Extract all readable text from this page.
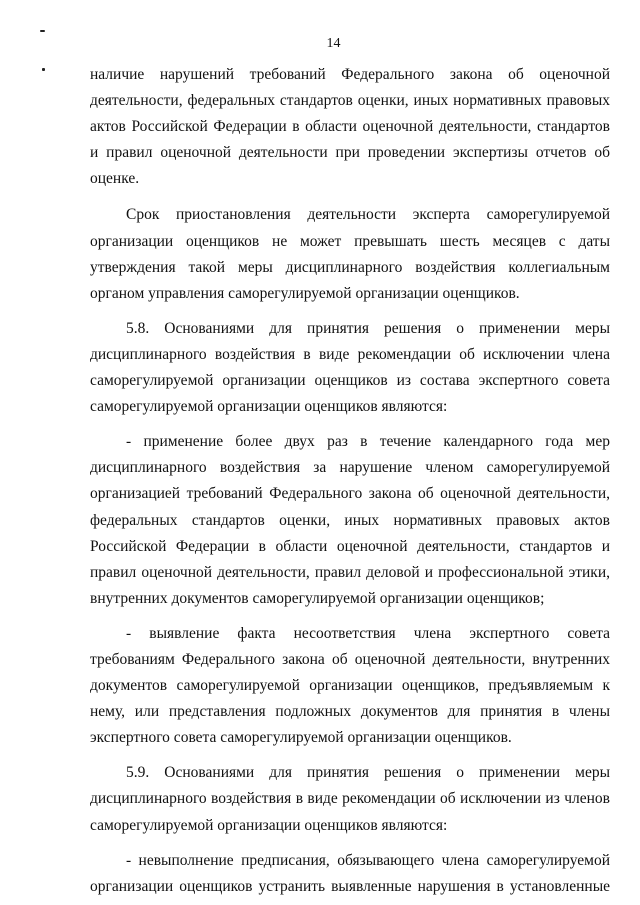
14

наличие нарушений требований Федерального закона об оценочной деятельности, федеральных стандартов оценки, иных нормативных правовых актов Российской Федерации в области оценочной деятельности, стандартов и правил оценочной деятельности при проведении экспертизы отчетов об оценке.

Срок приостановления деятельности эксперта саморегулируемой организации оценщиков не может превышать шесть месяцев с даты утверждения такой меры дисциплинарного воздействия коллегиальным органом управления саморегулируемой организации оценщиков.

5.8. Основаниями для принятия решения о применении меры дисциплинарного воздействия в виде рекомендации об исключении члена саморегулируемой организации оценщиков из состава экспертного совета саморегулируемой организации оценщиков являются:

- применение более двух раз в течение календарного года мер дисциплинарного воздействия за нарушение членом саморегулируемой организацией требований Федерального закона об оценочной деятельности, федеральных стандартов оценки, иных нормативных правовых актов Российской Федерации в области оценочной деятельности, стандартов и правил оценочной деятельности, правил деловой и профессиональной этики, внутренних документов саморегулируемой организации оценщиков;

- выявление факта несоответствия члена экспертного совета требованиям Федерального закона об оценочной деятельности, внутренних документов саморегулируемой организации оценщиков, предъявляемым к нему, или представления подложных документов для принятия в члены экспертного совета саморегулируемой организации оценщиков.

5.9. Основаниями для принятия решения о применении меры дисциплинарного воздействия в виде рекомендации об исключении из членов саморегулируемой организации оценщиков являются:

- невыполнение предписания, обязывающего члена саморегулируемой организации оценщиков устранить выявленные нарушения в установленные
